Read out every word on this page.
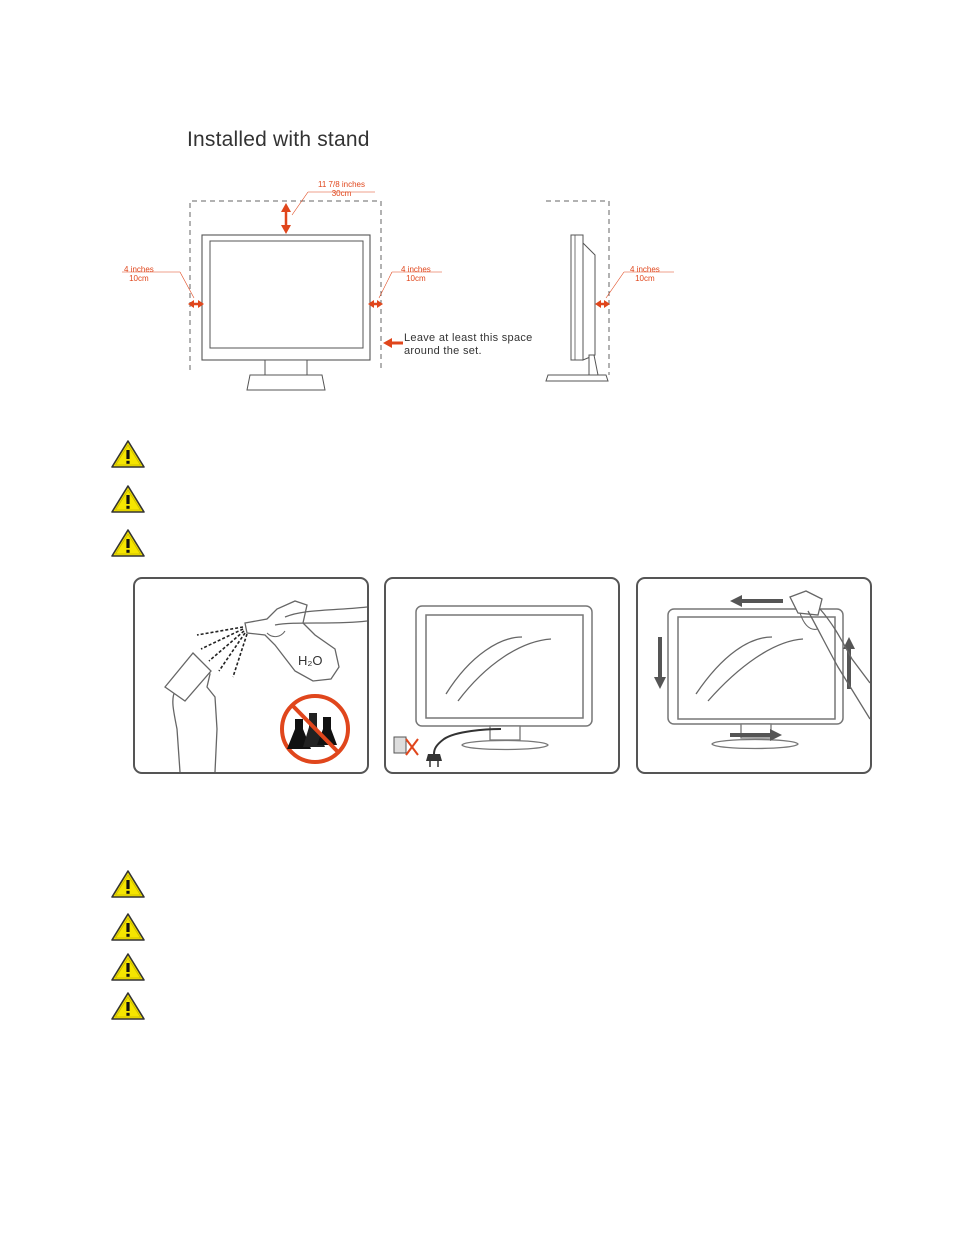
Installed with stand
11 7/8 inches
30cm
4 inches
10cm
4 inches
10cm
Leave at least this space
around the set.
4 inches
10cm
H₂O
